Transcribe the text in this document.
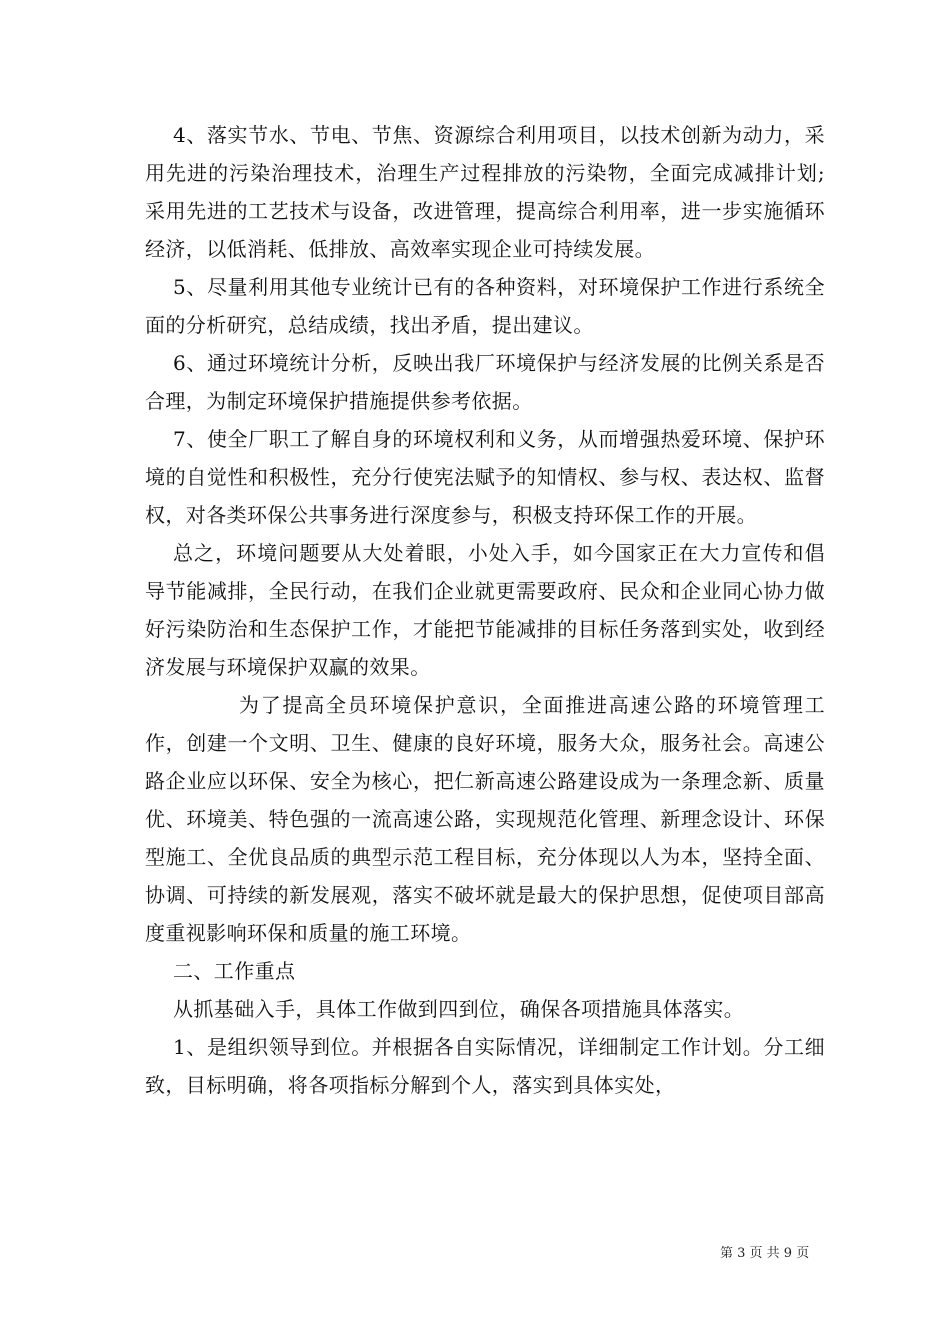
4、落实节水、节电、节焦、资源综合利用项目，以技术创新为动力，采用先进的污染治理技术，治理生产过程排放的污染物，全面完成减排计划;采用先进的工艺技术与设备，改进管理，提高综合利用率，进一步实施循环经济，以低消耗、低排放、高效率实现企业可持续发展。

5、尽量利用其他专业统计已有的各种资料，对环境保护工作进行系统全面的分析研究，总结成绩，找出矛盾，提出建议。

6、通过环境统计分析，反映出我厂环境保护与经济发展的比例关系是否合理，为制定环境保护措施提供参考依据。

7、使全厂职工了解自身的环境权利和义务，从而增强热爱环境、保护环境的自觉性和积极性，充分行使宪法赋予的知情权、参与权、表达权、监督权，对各类环保公共事务进行深度参与，积极支持环保工作的开展。

总之，环境问题要从大处着眼，小处入手，如今国家正在大力宣传和倡导节能减排，全民行动，在我们企业就更需要政府、民众和企业同心协力做好污染防治和生态保护工作，才能把节能减排的目标任务落到实处，收到经济发展与环境保护双赢的效果。

为了提高全员环境保护意识，全面推进高速公路的环境管理工作，创建一个文明、卫生、健康的良好环境，服务大众，服务社会。高速公路企业应以环保、安全为核心，把仁新高速公路建设成为一条理念新、质量优、环境美、特色强的一流高速公路，实现规范化管理、新理念设计、环保型施工、全优良品质的典型示范工程目标，充分体现以人为本，坚持全面、协调、可持续的新发展观，落实不破坏就是最大的保护思想，促使项目部高度重视影响环保和质量的施工环境。

二、工作重点

从抓基础入手，具体工作做到四到位，确保各项措施具体落实。

1、是组织领导到位。并根据各自实际情况，详细制定工作计划。分工细致，目标明确，将各项指标分解到个人，落实到具体实处，

第 3 页 共 9 页
